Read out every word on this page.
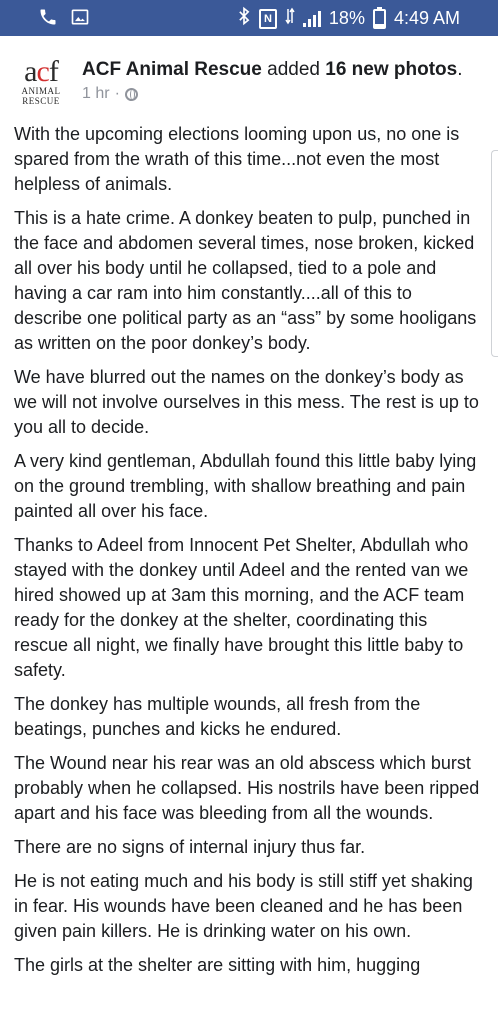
N	18% 4:49 AM
acf
ANIMAL
RESCUE
ACF Animal Rescue added 16 new photos.
1 hr ·

With the upcoming elections looming upon us, no one is spared from the wrath of this time...not even the most helpless of animals.

This is a hate crime. A donkey beaten to pulp, punched in the face and abdomen several times, nose broken, kicked all over his body until he collapsed, tied to a pole and having a car ram into him constantly....all of this to describe one political party as an “ass” by some hooligans as written on the poor donkey’s body.

We have blurred out the names on the donkey’s body as we will not involve ourselves in this mess. The rest is up to you all to decide.

A very kind gentleman, Abdullah found this little baby lying on the ground trembling, with shallow breathing and pain painted all over his face.

Thanks to Adeel from Innocent Pet Shelter, Abdullah who stayed with the donkey until Adeel and the rented van we hired showed up at 3am this morning, and the ACF team ready for the donkey at the shelter, coordinating this rescue all night, we finally have brought this little baby to safety.

The donkey has multiple wounds, all fresh from the beatings, punches and kicks he endured.

The Wound near his rear was an old abscess which burst probably when he collapsed. His nostrils have been ripped apart and his face was bleeding from all the wounds.

There are no signs of internal injury thus far.

He is not eating much and his body is still stiff yet shaking in fear. His wounds have been cleaned and he has been given pain killers. He is drinking water on his own.

The girls at the shelter are sitting with him, hugging
